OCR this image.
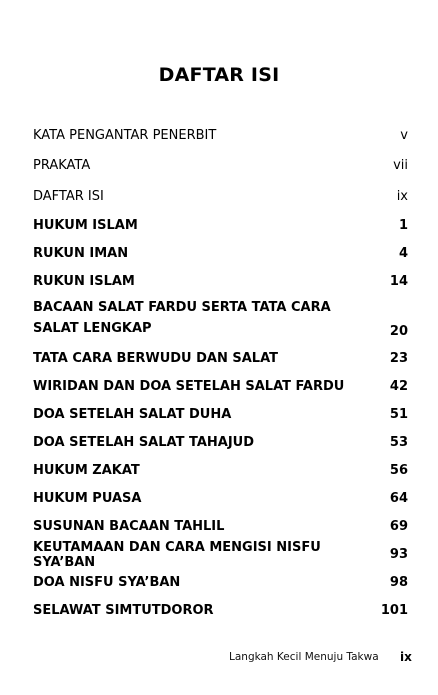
DAFTAR ISI
KATA PENGANTAR PENERBIT	v
PRAKATA	vii
DAFTAR ISI	ix
HUKUM ISLAM	1
RUKUN IMAN	4
RUKUN ISLAM	14
BACAAN SALAT FARDU SERTA TATA CARA SALAT LENGKAP	20
TATA CARA BERWUDU DAN SALAT	23
WIRIDAN DAN DOA SETELAH SALAT FARDU	42
DOA SETELAH SALAT DUHA	51
DOA SETELAH SALAT TAHAJUD	53
HUKUM ZAKAT	56
HUKUM PUASA	64
SUSUNAN BACAAN TAHLIL	69
KEUTAMAAN DAN CARA MENGISI NISFU SYA’BAN	93
DOA NISFU SYA’BAN	98
SELAWAT SIMTUTDOROR	101
Langkah Kecil Menuju Takwa ix
